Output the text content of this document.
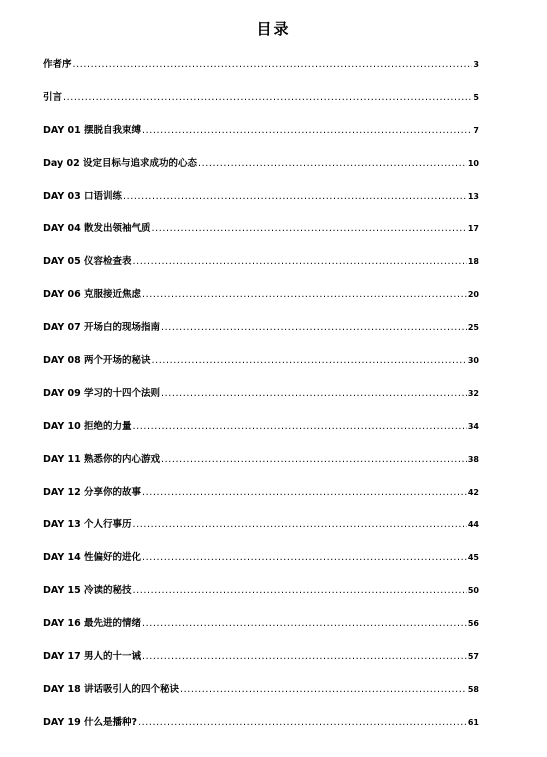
目录
作者序 .....	3
引言 .....	5
DAY 01 摆脱自我束缚 .....	7
Day 02 设定目标与追求成功的心态 .....	10
DAY 03 口语训练 .....	13
DAY 04 散发出领袖气质 .....	17
DAY 05 仪容检查表 .....	18
DAY 06 克服接近焦虑 .....	20
DAY 07 开场白的现场指南 .....	25
DAY 08 两个开场的秘诀 .....	30
DAY 09 学习的十四个法则 .....	32
DAY 10 拒绝的力量 .....	34
DAY 11 熟悉你的内心游戏 .....	38
DAY 12 分享你的故事 .....	42
DAY 13 个人行事历 .....	44
DAY 14 性偏好的进化 .....	45
DAY 15 冷读的秘技 .....	50
DAY 16 最先进的情绪 .....	56
DAY 17 男人的十一诫 .....	57
DAY 18 讲话吸引人的四个秘诀 .....	58
DAY 19 什么是播种? .....	61
